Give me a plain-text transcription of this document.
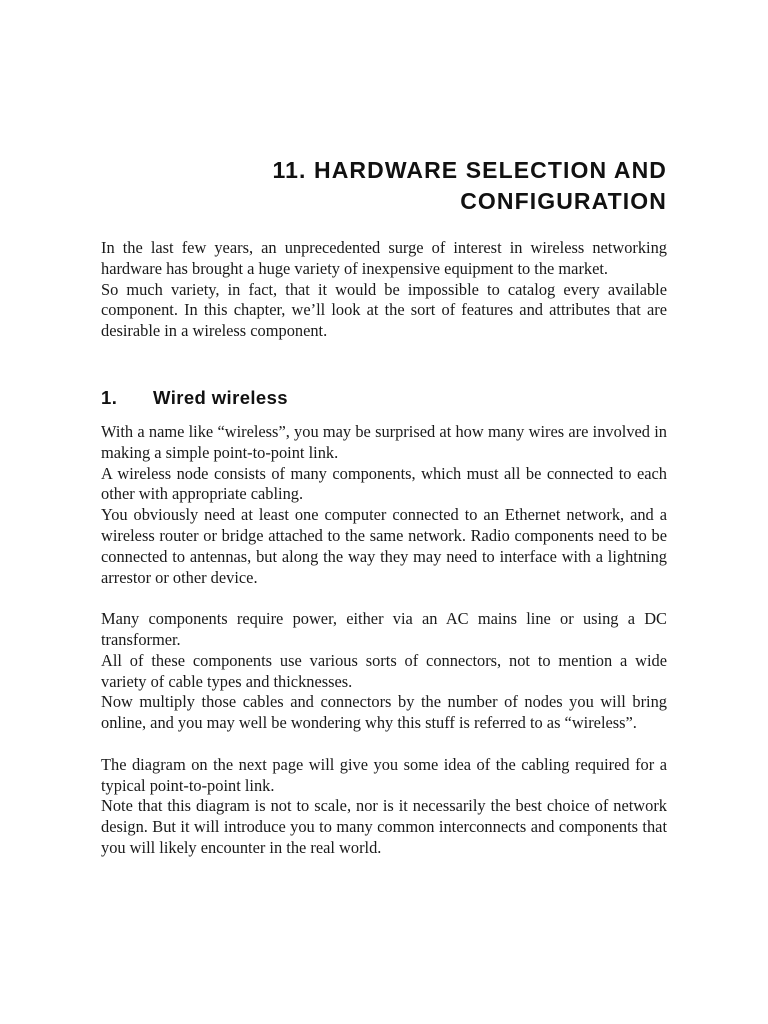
11. HARDWARE SELECTION AND
CONFIGURATION

In the last few years, an unprecedented surge of interest in wireless networking hardware has brought a huge variety of inexpensive equipment to the market.

So much variety, in fact, that it would be impossible to catalog every available component. In this chapter, we’ll look at the sort of features and attributes that are desirable in a wireless component.

1. Wired wireless

With a name like “wireless”, you may be surprised at how many wires are involved in making a simple point-to-point link.

A wireless node consists of many components, which must all be connected to each other with appropriate cabling.

You obviously need at least one computer connected to an Ethernet network, and a wireless router or bridge attached to the same network. Radio components need to be connected to antennas, but along the way they may need to interface with a lightning arrestor or other device.

Many components require power, either via an AC mains line or using a DC transformer.

All of these components use various sorts of connectors, not to mention a wide variety of cable types and thicknesses.

Now multiply those cables and connectors by the number of nodes you will bring online, and you may well be wondering why this stuff is referred to as “wireless”.

The diagram on the next page will give you some idea of the cabling required for a typical point-to-point link.

Note that this diagram is not to scale, nor is it necessarily the best choice of network design. But it will introduce you to many common interconnects and components that you will likely encounter in the real world.
